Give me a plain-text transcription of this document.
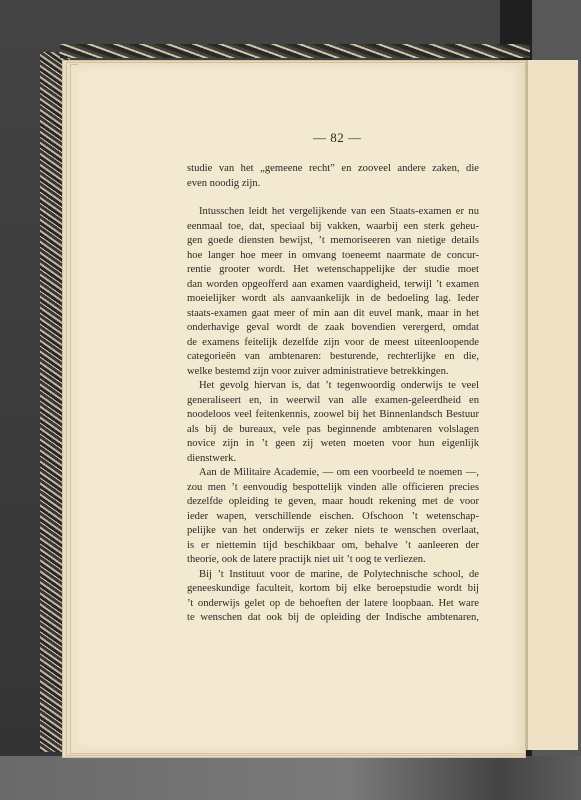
— 82 —
studie van het „gemeene recht” en zooveel andere zaken, die
even noodig zijn.
Intusschen leidt het vergelijkende van een Staats-examen er nu
eenmaal toe, dat, speciaal bij vakken, waarbij een sterk geheu-
gen goede diensten bewijst, ’t memoriseeren van nietige details
hoe langer hoe meer in omvang toeneemt naarmate de concur-
rentie grooter wordt. Het wetenschappelijke der studie moet
dan worden opgeofferd aan examen vaardigheid, terwijl ’t examen
moeielijker wordt als aanvaankelijk in de bedoeling lag. Ieder
staats-examen gaat meer of min aan dit euvel mank, maar in het
onderhavige geval wordt de zaak bovendien verergerd, omdat
de examens feitelijk dezelfde zijn voor de meest uiteenloopende
categorieën van ambtenaren: besturende, rechterlijke en die,
welke bestemd zijn voor zuiver administratieve betrekkingen.
Het gevolg hiervan is, dat ’t tegenwoordig onderwijs te veel
generaliseert en, in weerwil van alle examen-geleerdheid en
noodeloos veel feitenkennis, zoowel bij het Binnenlandsch Bestuur
als bij de bureaux, vele pas beginnende ambtenaren volslagen
novice zijn in ’t geen zij weten moeten voor hun eigenlijk
dienstwerk.
Aan de Militaire Academie, — om een voorbeeld te noemen —,
zou men ’t eenvoudig bespottelijk vinden alle officieren precies
dezelfde opleiding te geven, maar houdt rekening met de voor
ieder wapen, verschillende eischen. Ofschoon ’t wetenschap-
pelijke van het onderwijs er zeker niets te wenschen overlaat,
is er niettemin tijd beschikbaar om, behalve ’t aanleeren der
theorie, ook de latere practijk niet uit ’t oog te verliezen.
Bij ’t Instituut voor de marine, de Polytechnische school, de
geneeskundige faculteit, kortom bij elke beroepstudie wordt bij
’t onderwijs gelet op de behoeften der latere loopbaan. Het ware
te wenschen dat ook bij de opleiding der Indische ambtenaren,
